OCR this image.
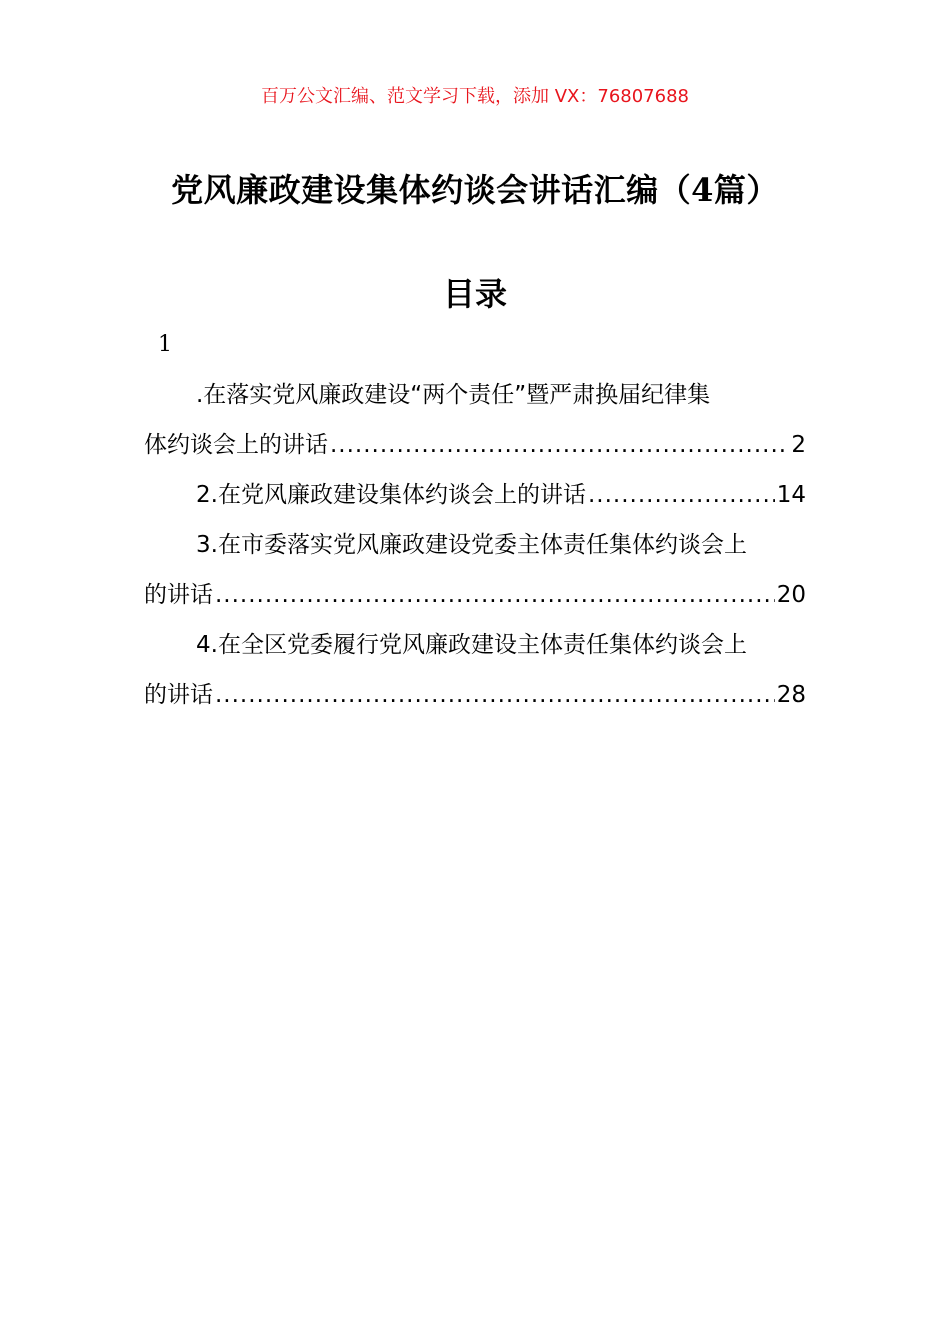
百万公文汇编、范文学习下载，添加 VX：76807688
党风廉政建设集体约谈会讲话汇编（4篇）
目录
1
.在落实党风廉政建设“两个责任”暨严肃换届纪律集
体约谈会上的讲话 .....	2
2.在党风廉政建设集体约谈会上的讲话 .....	14
3.在市委落实党风廉政建设党委主体责任集体约谈会上
的讲话 .....	20
4.在全区党委履行党风廉政建设主体责任集体约谈会上
的讲话 .....	28
